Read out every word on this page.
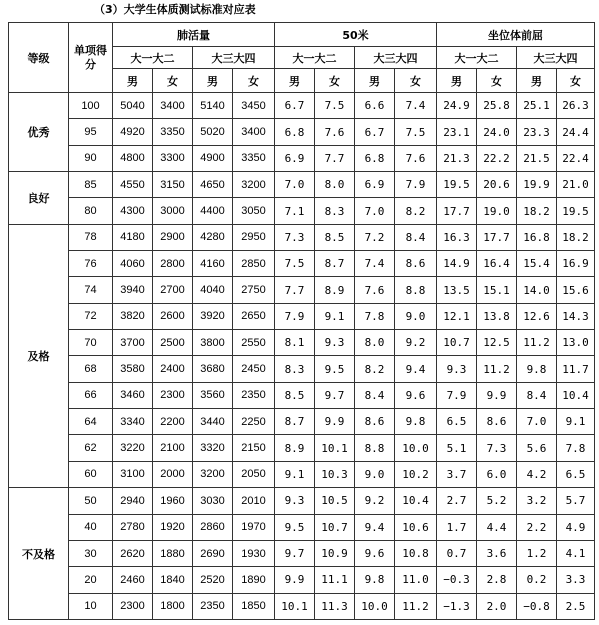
（3）大学生体质测试标准对应表
等级	单项得分	肺活量				50米				坐位体前屈			
		大一大二		大三大四		大一大二		大三大四		大一大二		大三大四	
		男	女	男	女	男	女	男	女	男	女	男	女
优秀	100	5040	3400	5140	3450	6.7	7.5	6.6	7.4	24.9	25.8	25.1	26.3
	95	4920	3350	5020	3400	6.8	7.6	6.7	7.5	23.1	24.0	23.3	24.4
	90	4800	3300	4900	3350	6.9	7.7	6.8	7.6	21.3	22.2	21.5	22.4
良好	85	4550	3150	4650	3200	7.0	8.0	6.9	7.9	19.5	20.6	19.9	21.0
	80	4300	3000	4400	3050	7.1	8.3	7.0	8.2	17.7	19.0	18.2	19.5
及格	78	4180	2900	4280	2950	7.3	8.5	7.2	8.4	16.3	17.7	16.8	18.2
	76	4060	2800	4160	2850	7.5	8.7	7.4	8.6	14.9	16.4	15.4	16.9
	74	3940	2700	4040	2750	7.7	8.9	7.6	8.8	13.5	15.1	14.0	15.6
	72	3820	2600	3920	2650	7.9	9.1	7.8	9.0	12.1	13.8	12.6	14.3
	70	3700	2500	3800	2550	8.1	9.3	8.0	9.2	10.7	12.5	11.2	13.0
	68	3580	2400	3680	2450	8.3	9.5	8.2	9.4	9.3	11.2	9.8	11.7
	66	3460	2300	3560	2350	8.5	9.7	8.4	9.6	7.9	9.9	8.4	10.4
	64	3340	2200	3440	2250	8.7	9.9	8.6	9.8	6.5	8.6	7.0	9.1
	62	3220	2100	3320	2150	8.9	10.1	8.8	10.0	5.1	7.3	5.6	7.8
	60	3100	2000	3200	2050	9.1	10.3	9.0	10.2	3.7	6.0	4.2	6.5
不及格	50	2940	1960	3030	2010	9.3	10.5	9.2	10.4	2.7	5.2	3.2	5.7
	40	2780	1920	2860	1970	9.5	10.7	9.4	10.6	1.7	4.4	2.2	4.9
	30	2620	1880	2690	1930	9.7	10.9	9.6	10.8	0.7	3.6	1.2	4.1
	20	2460	1840	2520	1890	9.9	11.1	9.8	11.0	−0.3	2.8	0.2	3.3
	10	2300	1800	2350	1850	10.1	11.3	10.0	11.2	−1.3	2.0	−0.8	2.5
